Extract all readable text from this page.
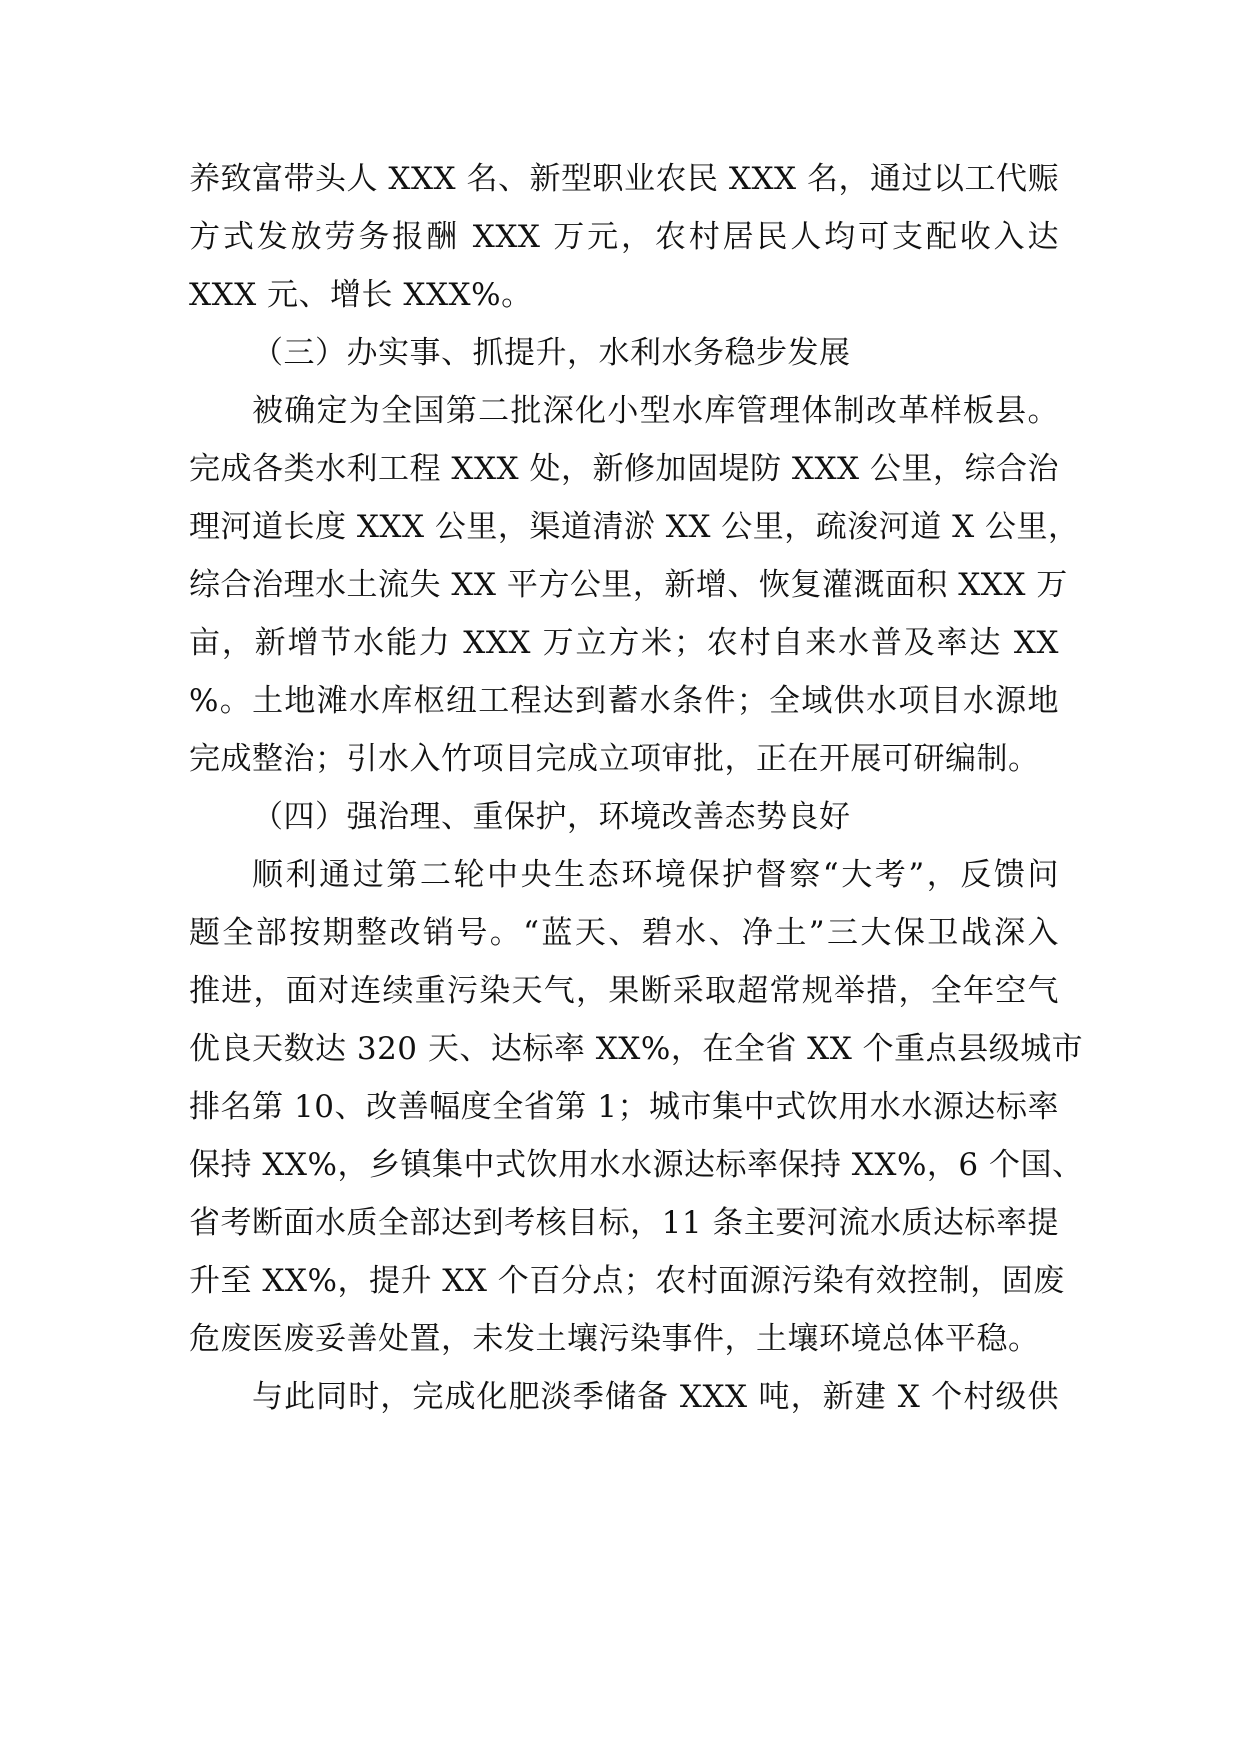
养致富带头人 XXX 名、新型职业农民 XXX 名，通过以工代赈
方式发放劳务报酬 XXX 万元，农村居民人均可支配收入达
XXX 元、增长 XXX%。
（三）办实事、抓提升，水利水务稳步发展
被确定为全国第二批深化小型水库管理体制改革样板县。
完成各类水利工程 XXX 处，新修加固堤防 XXX 公里，综合治
理河道长度 XXX 公里，渠道清淤 XX 公里，疏浚河道 X 公里，
综合治理水土流失 XX 平方公里，新增、恢复灌溉面积 XXX 万
亩，新增节水能力 XXX 万立方米；农村自来水普及率达 XX
%。土地滩水库枢纽工程达到蓄水条件；全域供水项目水源地
完成整治；引水入竹项目完成立项审批，正在开展可研编制。
（四）强治理、重保护，环境改善态势良好
顺利通过第二轮中央生态环境保护督察“大考”，反馈问
题全部按期整改销号。“蓝天、碧水、净土”三大保卫战深入
推进，面对连续重污染天气，果断采取超常规举措，全年空气
优良天数达 320 天、达标率 XX%，在全省 XX 个重点县级城市
排名第 10、改善幅度全省第 1；城市集中式饮用水水源达标率
保持 XX%，乡镇集中式饮用水水源达标率保持 XX%，6 个国、
省考断面水质全部达到考核目标，11 条主要河流水质达标率提
升至 XX%，提升 XX 个百分点；农村面源污染有效控制，固废
危废医废妥善处置，未发土壤污染事件，土壤环境总体平稳。
与此同时，完成化肥淡季储备 XXX 吨，新建 X 个村级供
